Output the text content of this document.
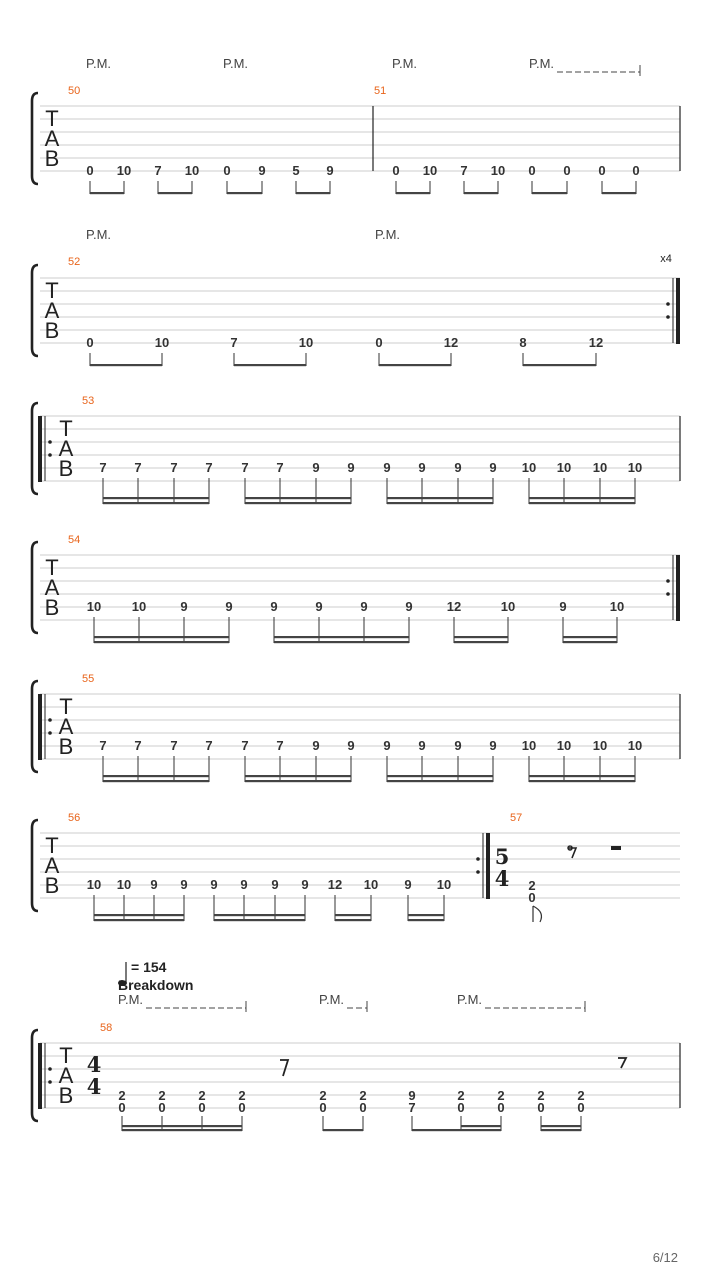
T
A
B
P.M.	P.M.	P.M.	P.M.
50	51
0 10 7 10 0 9 5 9	0 10 7 10 0 0 0 0
T
A
B
P.M.	P.M.
52	x4
0	10	7	10	0	12	8	12
T
A
B
53
7 7 7 7 7 7 9 9 9 9 9 9 10 10 10 10
T
A
B
54
10 10	9	9	9	9	9	9	12	10	9	10
T
A
B
55
7 7 7 7 7 7 9 9 9 9 9 9 10 10 10 10
T
A
B
56	57
10 10 9 9 9 9 9 9 12 10 9 10
5
4 2
0
= 154
Breakdown
T
A
B
P.M.	P.M.	P.M.
58
4
4 2
0
2
0
2
0
2
0
2
0
2
0
9
7
2
0
2
0
2
0
2
0
6/12
